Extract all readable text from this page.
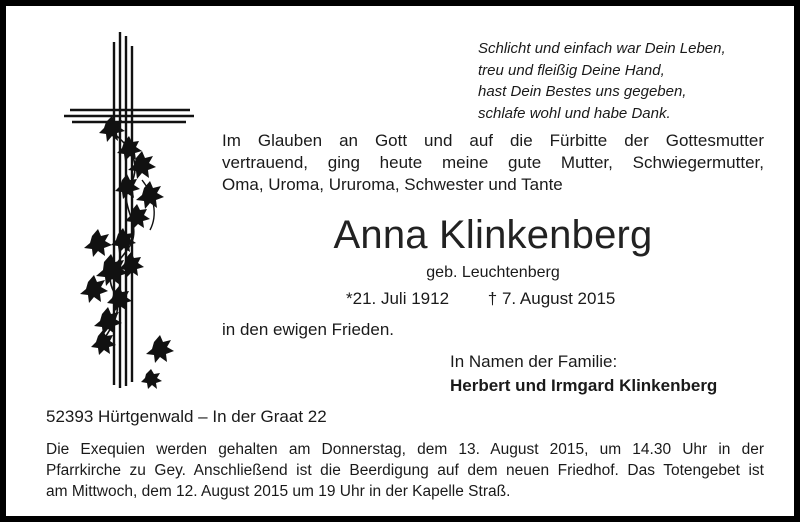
Schlicht und einfach war Dein Leben,
treu und fleißig Deine Hand,
hast Dein Bestes uns gegeben,
schlafe wohl und habe Dank.
Im Glauben an Gott und auf die Fürbitte der Gottesmutter
vertrauend, ging heute meine gute Mutter, Schwiegermutter,
Oma, Uroma, Ururoma, Schwester und Tante
Anna Klinkenberg
geb. Leuchtenberg
*21. Juli 1912 † 7. August 2015
in den ewigen Frieden.
In Namen der Familie:
Herbert und Irmgard Klinkenberg
52393 Hürtgenwald – In der Graat 22
Die Exequien werden gehalten am Donnerstag, dem 13. August 2015, um 14.30 Uhr in der
Pfarrkirche zu Gey. Anschließend ist die Beerdigung auf dem neuen Friedhof. Das Totengebet ist
am Mittwoch, dem 12. August 2015 um 19 Uhr in der Kapelle Straß.
